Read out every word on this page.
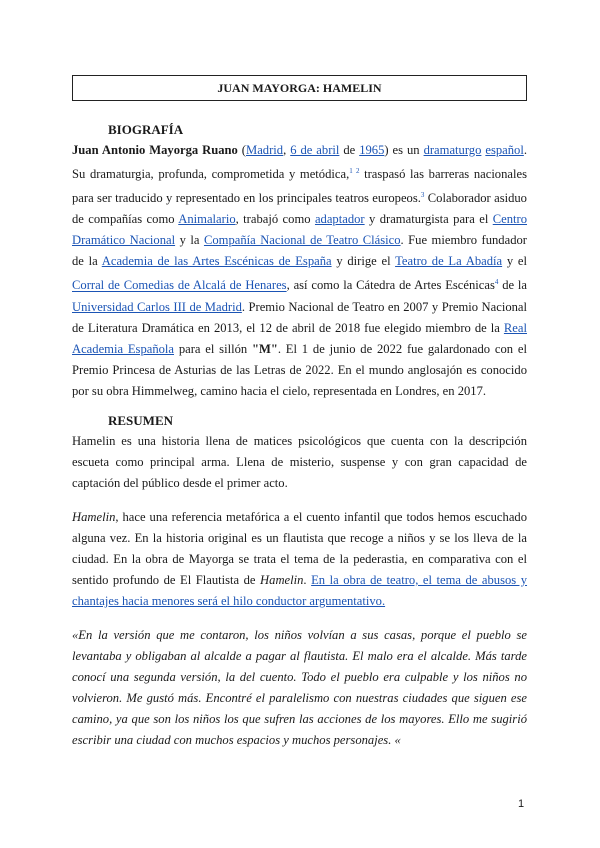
JUAN MAYORGA: HAMELIN
BIOGRAFÍA
Juan Antonio Mayorga Ruano (Madrid, 6 de abril de 1965) es un dramaturgo español. Su dramaturgia, profunda, comprometida y metódica,$^{1 2}$ traspasó las barreras nacionales para ser traducido y representado en los principales teatros europeos.$^3$ Colaborador asiduo de compañías como Animalario, trabajó como adaptador y dramaturgista para el Centro Dramático Nacional y la Compañía Nacional de Teatro Clásico. Fue miembro fundador de la Academia de las Artes Escénicas de España y dirige el Teatro de La Abadía y el Corral de Comedias de Alcalá de Henares, así como la Cátedra de Artes Escénicas$^4$ de la Universidad Carlos III de Madrid. Premio Nacional de Teatro en 2007 y Premio Nacional de Literatura Dramática en 2013, el 12 de abril de 2018 fue elegido miembro de la Real Academia Española para el sillón "M". El 1 de junio de 2022 fue galardonado con el Premio Princesa de Asturias de las Letras de 2022. En el mundo anglosajón es conocido por su obra Himmelweg, camino hacia el cielo, representada en Londres, en 2017.
RESUMEN
Hamelin es una historia llena de matices psicológicos que cuenta con la descripción escueta como principal arma. Llena de misterio, suspense y con gran capacidad de captación del público desde el primer acto.
Hamelin, hace una referencia metafórica a el cuento infantil que todos hemos escuchado alguna vez. En la historia original es un flautista que recoge a niños y se los lleva de la ciudad. En la obra de Mayorga se trata el tema de la pederastia, en comparativa con el sentido profundo de El Flautista de Hamelin. En la obra de teatro, el tema de abusos y chantajes hacia menores será el hilo conductor argumentativo.
«En la versión que me contaron, los niños volvían a sus casas, porque el pueblo se levantaba y obligaban al alcalde a pagar al flautista. El malo era el alcalde. Más tarde conocí una segunda versión, la del cuento. Todo el pueblo era culpable y los niños no volvieron. Me gustó más. Encontré el paralelismo con nuestras ciudades que siguen ese camino, ya que son los niños los que sufren las acciones de los mayores. Ello me sugirió escribir una ciudad con muchos espacios y muchos personajes. «
1
